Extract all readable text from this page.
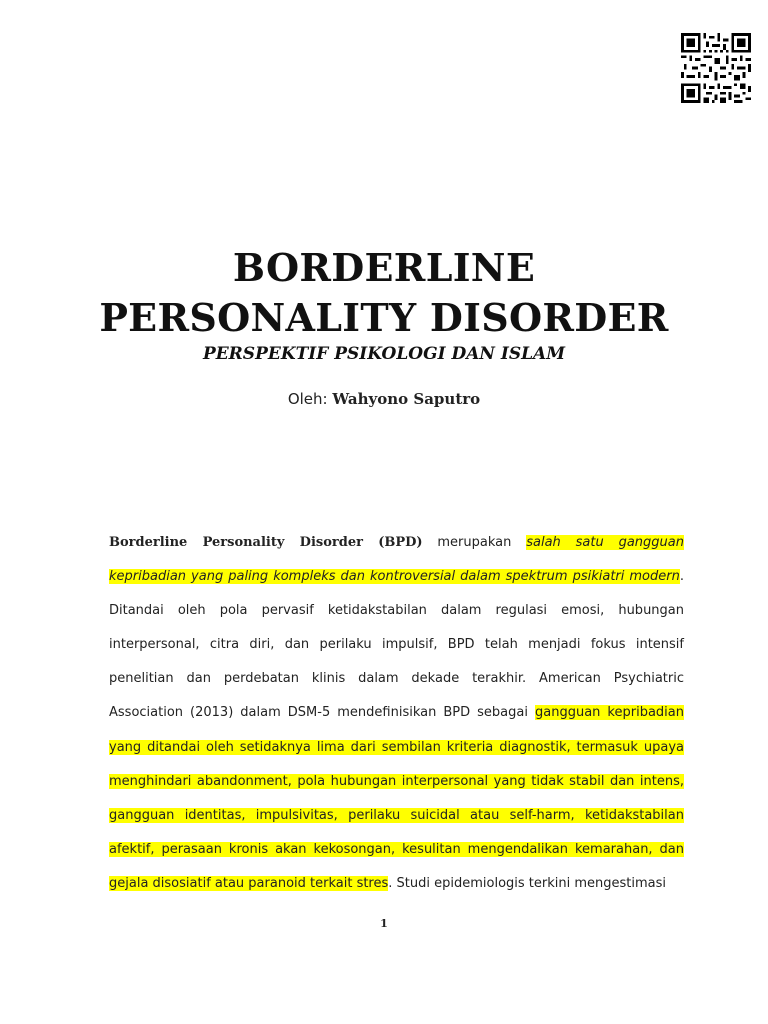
BORDERLINE
PERSONALITY DISORDER
PERSPEKTIF PSIKOLOGI DAN ISLAM
Oleh: Wahyono Saputro

Borderline Personality Disorder (BPD) merupakan salah satu gangguan kepribadian yang paling kompleks dan kontroversial dalam spektrum psikiatri modern. Ditandai oleh pola pervasif ketidakstabilan dalam regulasi emosi, hubungan interpersonal, citra diri, dan perilaku impulsif, BPD telah menjadi fokus intensif penelitian dan perdebatan klinis dalam dekade terakhir. American Psychiatric Association (2013) dalam DSM-5 mendefinisikan BPD sebagai gangguan kepribadian yang ditandai oleh setidaknya lima dari sembilan kriteria diagnostik, termasuk upaya menghindari abandonment, pola hubungan interpersonal yang tidak stabil dan intens, gangguan identitas, impulsivitas, perilaku suicidal atau self-harm, ketidakstabilan afektif, perasaan kronis akan kekosongan, kesulitan mengendalikan kemarahan, dan gejala disosiatif atau paranoid terkait stres. Studi epidemiologis terkini mengestimasi

1
